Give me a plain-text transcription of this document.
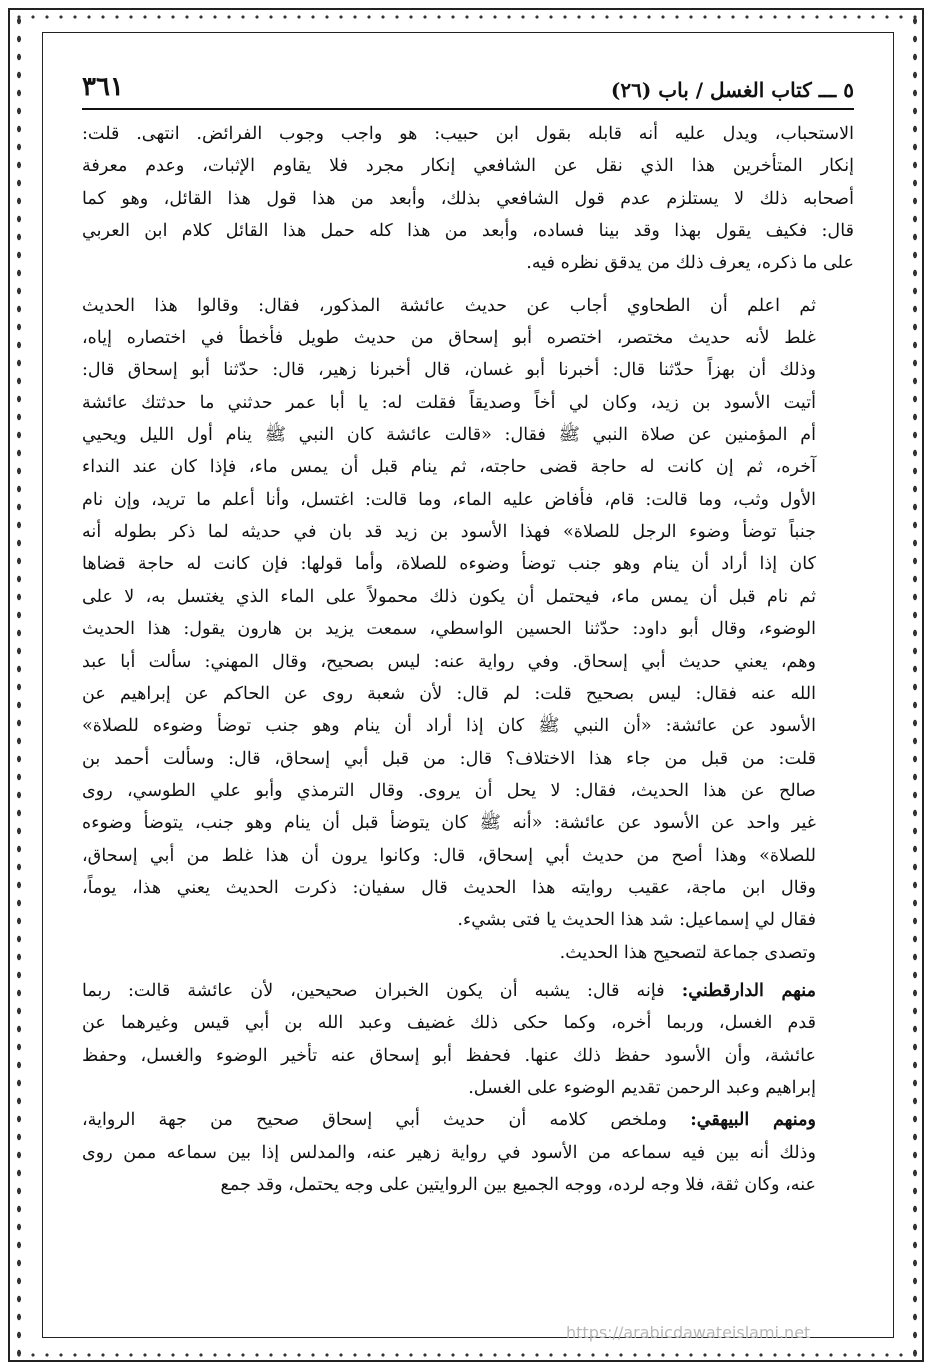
٥ ـــ كتاب الغسل / باب (٢٦)
٣٦١
الاستحباب، ويدل عليه أنه قابله بقول ابن حبيب: هو واجب وجوب الفرائض. انتهى. قلت:
إنكار المتأخرين هذا الذي نقل عن الشافعي إنكار مجرد فلا يقاوم الإثبات، وعدم معرفة
أصحابه ذلك لا يستلزم عدم قول الشافعي بذلك، وأبعد من هذا قول هذا القائل، وهو كما
قال: فكيف يقول بهذا وقد بينا فساده، وأبعد من هذا كله حمل هذا القائل كلام ابن العربي
على ما ذكره، يعرف ذلك من يدقق نظره فيه.
ثم اعلم أن الطحاوي أجاب عن حديث عائشة المذكور، فقال: وقالوا هذا الحديث
غلط لأنه حديث مختصر، اختصره أبو إسحاق من حديث طويل فأخطأ في اختصاره إياه،
وذلك أن بهزاً حدّثنا قال: أخبرنا أبو غسان، قال أخبرنا زهير، قال: حدّثنا أبو إسحاق قال:
أتيت الأسود بن زيد، وكان لي أخاً وصديقاً فقلت له: يا أبا عمر حدثني ما حدثتك عائشة
أم المؤمنين عن صلاة النبي ﷺ فقال: «قالت عائشة كان النبي ﷺ ينام أول الليل ويحيي
آخره، ثم إن كانت له حاجة قضى حاجته، ثم ينام قبل أن يمس ماء، فإذا كان عند النداء
الأول وثب، وما قالت: قام، فأفاض عليه الماء، وما قالت: اغتسل، وأنا أعلم ما تريد، وإن نام
جنباً توضأ وضوء الرجل للصلاة» فهذا الأسود بن زيد قد بان في حديثه لما ذكر بطوله أنه
كان إذا أراد أن ينام وهو جنب توضأ وضوءه للصلاة، وأما قولها: فإن كانت له حاجة قضاها
ثم نام قبل أن يمس ماء، فيحتمل أن يكون ذلك محمولاً على الماء الذي يغتسل به، لا على
الوضوء، وقال أبو داود: حدّثنا الحسين الواسطي، سمعت يزيد بن هارون يقول: هذا الحديث
وهم، يعني حديث أبي إسحاق. وفي رواية عنه: ليس بصحيح، وقال المهني: سألت أبا عبد
الله عنه فقال: ليس بصحيح قلت: لم قال: لأن شعبة روى عن الحاكم عن إبراهيم عن
الأسود عن عائشة: «أن النبي ﷺ كان إذا أراد أن ينام وهو جنب توضأ وضوءه للصلاة»
قلت: من قبل من جاء هذا الاختلاف؟ قال: من قبل أبي إسحاق، قال: وسألت أحمد بن
صالح عن هذا الحديث، فقال: لا يحل أن يروى. وقال الترمذي وأبو علي الطوسي، روى
غير واحد عن الأسود عن عائشة: «أنه ﷺ كان يتوضأ قبل أن ينام وهو جنب، يتوضأ وضوءه
للصلاة» وهذا أصح من حديث أبي إسحاق، قال: وكانوا يرون أن هذا غلط من أبي إسحاق،
وقال ابن ماجة، عقيب روايته هذا الحديث قال سفيان: ذكرت الحديث يعني هذا، يوماً،
فقال لي إسماعيل: شد هذا الحديث يا فتى بشيء.
وتصدى جماعة لتصحيح هذا الحديث.
منهم الدارقطني: فإنه قال: يشبه أن يكون الخبران صحيحين، لأن عائشة قالت: ربما
قدم الغسل، وربما أخره، وكما حكى ذلك غضيف وعبد الله بن أبي قيس وغيرهما عن
عائشة، وأن الأسود حفظ ذلك عنها. فحفظ أبو إسحاق عنه تأخير الوضوء والغسل، وحفظ
إبراهيم وعبد الرحمن تقديم الوضوء على الغسل.
ومنهم البيهقي: وملخص كلامه أن حديث أبي إسحاق صحيح من جهة الرواية،
وذلك أنه بين فيه سماعه من الأسود في رواية زهير عنه، والمدلس إذا بين سماعه ممن روى
عنه، وكان ثقة، فلا وجه لرده، ووجه الجميع بين الروايتين على وجه يحتمل، وقد جمع
https://arabicdawateislami.net
